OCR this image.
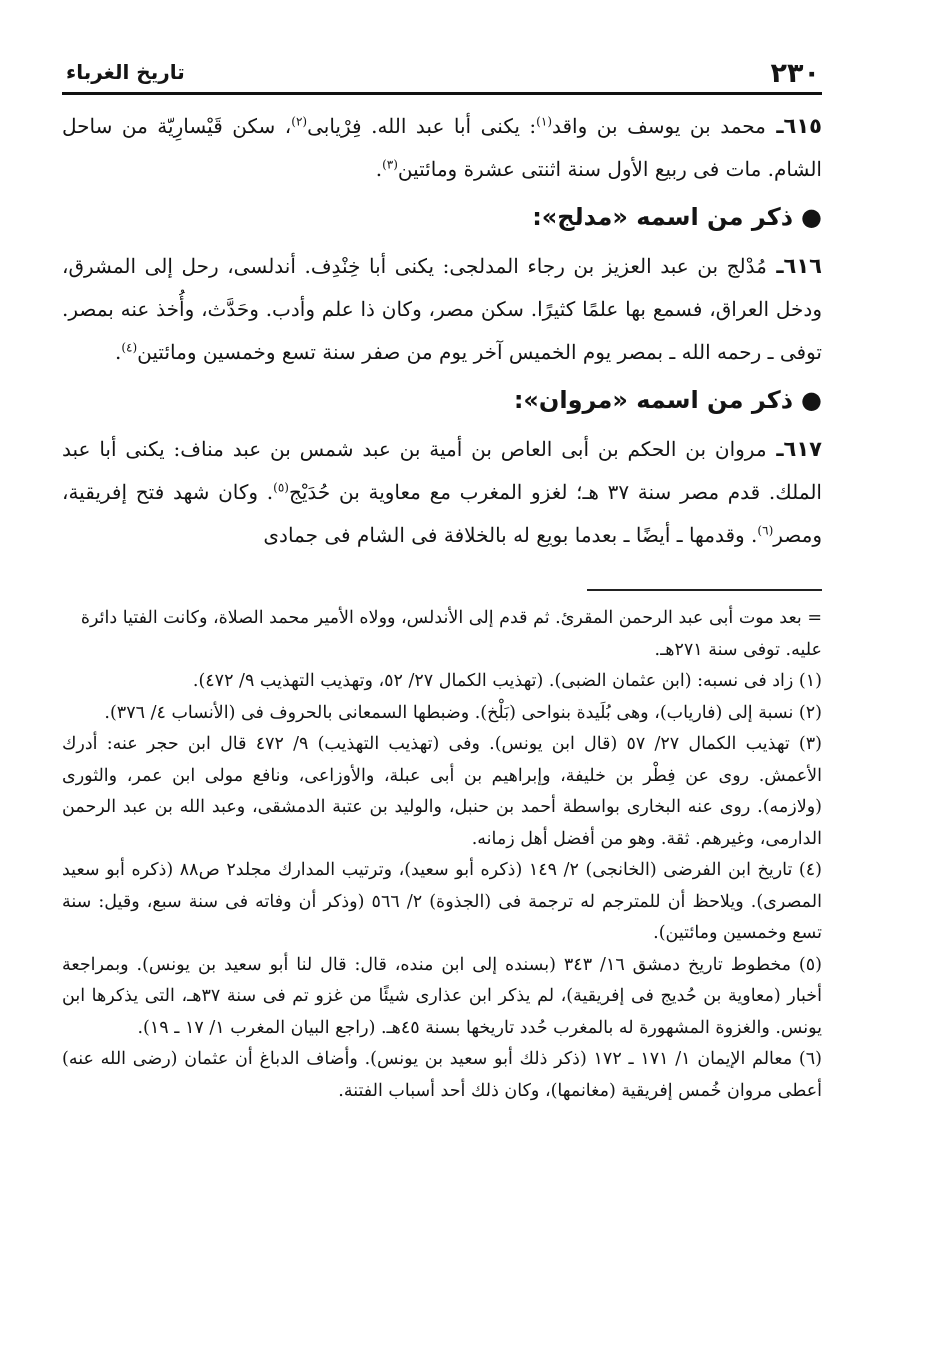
٢٣٠
تاريخ الغرباء

٦١٥ـ محمد بن يوسف بن واقد$^{(١)}$: يكنى أبا عبد الله. فِرْيابى$^{(٢)}$، سكن قَيْسارِيّة من ساحل الشام. مات فى ربيع الأول سنة اثنتى عشرة ومائتين$^{(٣)}$.

●ذكر من اسمه «مدلج»:

٦١٦ـ مُدْلج بن عبد العزيز بن رجاء المدلجى: يكنى أبا خِنْدِف. أندلسى، رحل إلى المشرق، ودخل العراق، فسمع بها علمًا كثيرًا. سكن مصر، وكان ذا علم وأدب. وحَدَّث، وأُخذ عنه بمصر. توفى ـ رحمه الله ـ بمصر يوم الخميس آخر يوم من صفر سنة تسع وخمسين ومائتين$^{(٤)}$.

●ذكر من اسمه «مروان»:

٦١٧ـ مروان بن الحكم بن أبى العاص بن أمية بن عبد شمس بن عبد مناف: يكنى أبا عبد الملك. قدم مصر سنة ٣٧ هـ؛ لغزو المغرب مع معاوية بن حُدَيْج$^{(٥)}$. وكان شهد فتح إفريقية، ومصر$^{(٦)}$. وقدمها ـ أيضًا ـ بعدما بويع له بالخلافة فى الشام فى جمادى

= بعد موت أبى عبد الرحمن المقرئ. ثم قدم إلى الأندلس، وولاه الأمير محمد الصلاة، وكانت الفتيا دائرة عليه. توفى سنة ٢٧١هـ.

(١) زاد فى نسبه: (ابن عثمان الضبى). (تهذيب الكمال ٢٧/ ٥٢، وتهذيب التهذيب ٩/ ٤٧٢).

(٢) نسبة إلى (فارياب)، وهى بُلَيدة بنواحى (بَلْخ). وضبطها السمعانى بالحروف فى (الأنساب ٤/ ٣٧٦).

(٣) تهذيب الكمال ٢٧/ ٥٧ (قال ابن يونس). وفى (تهذيب التهذيب) ٩/ ٤٧٢ قال ابن حجر عنه: أدرك الأعمش. روى عن فِطْر بن خليفة، وإبراهيم بن أبى عبلة، والأوزاعى، ونافع مولى ابن عمر، والثورى (ولازمه). روى عنه البخارى بواسطة أحمد بن حنبل، والوليد بن عتبة الدمشقى، وعبد الله بن عبد الرحمن الدارمى، وغيرهم. ثقة. وهو من أفضل أهل زمانه.

(٤) تاريخ ابن الفرضى (الخانجى) ٢/ ١٤٩ (ذكره أبو سعيد)، وترتيب المدارك مجلد٢ ص٨٨ (ذكره أبو سعيد المصرى). ويلاحظ أن للمترجم له ترجمة فى (الجذوة) ٢/ ٥٦٦ (وذكر أن وفاته فى سنة سبع، وقيل: سنة تسع وخمسين ومائتين).

(٥) مخطوط تاريخ دمشق ١٦/ ٣٤٣ (بسنده إلى ابن منده، قال: قال لنا أبو سعيد بن يونس). وبمراجعة أخبار (معاوية بن حُديج فى إفريقية)، لم يذكر ابن عذارى شيئًا من غزو تم فى سنة ٣٧هـ، التى يذكرها ابن يونس. والغزوة المشهورة له بالمغرب حُدد تاريخها بسنة ٤٥هـ. (راجع البيان المغرب ١/ ١٧ ـ ١٩).

(٦) معالم الإيمان ١/ ١٧١ ـ ١٧٢ (ذكر ذلك أبو سعيد بن يونس). وأضاف الدباغ أن عثمان (رضى الله عنه) أعطى مروان خُمس إفريقية (مغانمها)، وكان ذلك أحد أسباب الفتنة.
